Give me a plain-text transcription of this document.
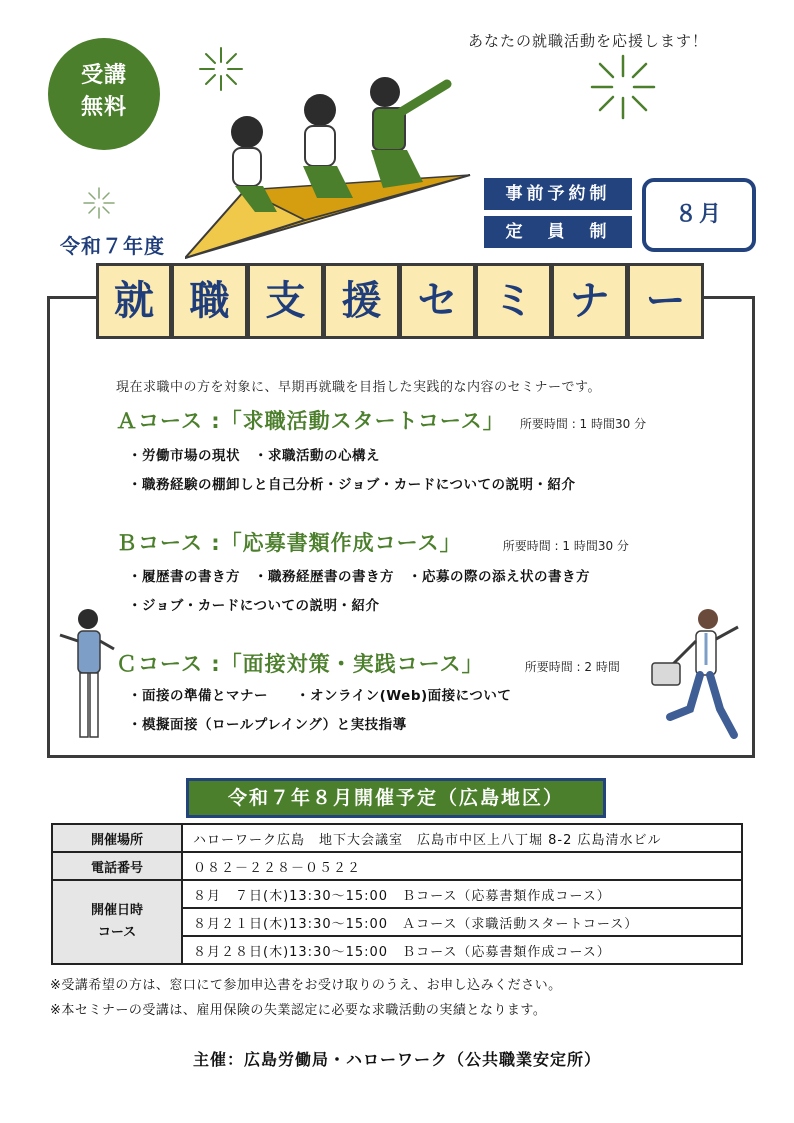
あなたの就職活動を応援します！
受講
無料
令和７年度
事前予約制
定　員　制
８月
就 職 支 援 セ ミ ナ ー
現在求職中の方を対象に、早期再就職を目指した実践的な内容のセミナーです。
Ａコース :「求職活動スタートコース」 所要時間 : 1 時間30 分
・労働市場の現状　・求職活動の心構え
・職務経験の棚卸しと自己分析・ジョブ・カードについての説明・紹介
Ｂコース :「応募書類作成コース」	所要時間 : 1 時間30 分
・履歴書の書き方　・職務経歴書の書き方　・応募の際の添え状の書き方
・ジョブ・カードについての説明・紹介
Ｃコース :「面接対策・実践コース」	所要時間 : 2 時間
・面接の準備とマナー　　・オンライン(Web)面接について
・模擬面接（ロールプレイング）と実技指導
令和７年８月開催予定（広島地区）
開催場所	ハローワーク広島　地下大会議室　広島市中区上八丁堀 8-2 広島清水ビル
電話番号	０８２－２２８－０５２２

開催日時
コース	８月　７日(木)13:30～15:00　Ｂコース（応募書類作成コース）
	８月２１日(木)13:30～15:00　Ａコース（求職活動スタートコース）
	８月２８日(木)13:30～15:00　Ｂコース（応募書類作成コース）
※受講希望の方は、窓口にて参加申込書をお受け取りのうえ、お申し込みください。
※本セミナーの受講は、雇用保険の失業認定に必要な求職活動の実績となります。
主催：広島労働局・ハローワーク（公共職業安定所）
